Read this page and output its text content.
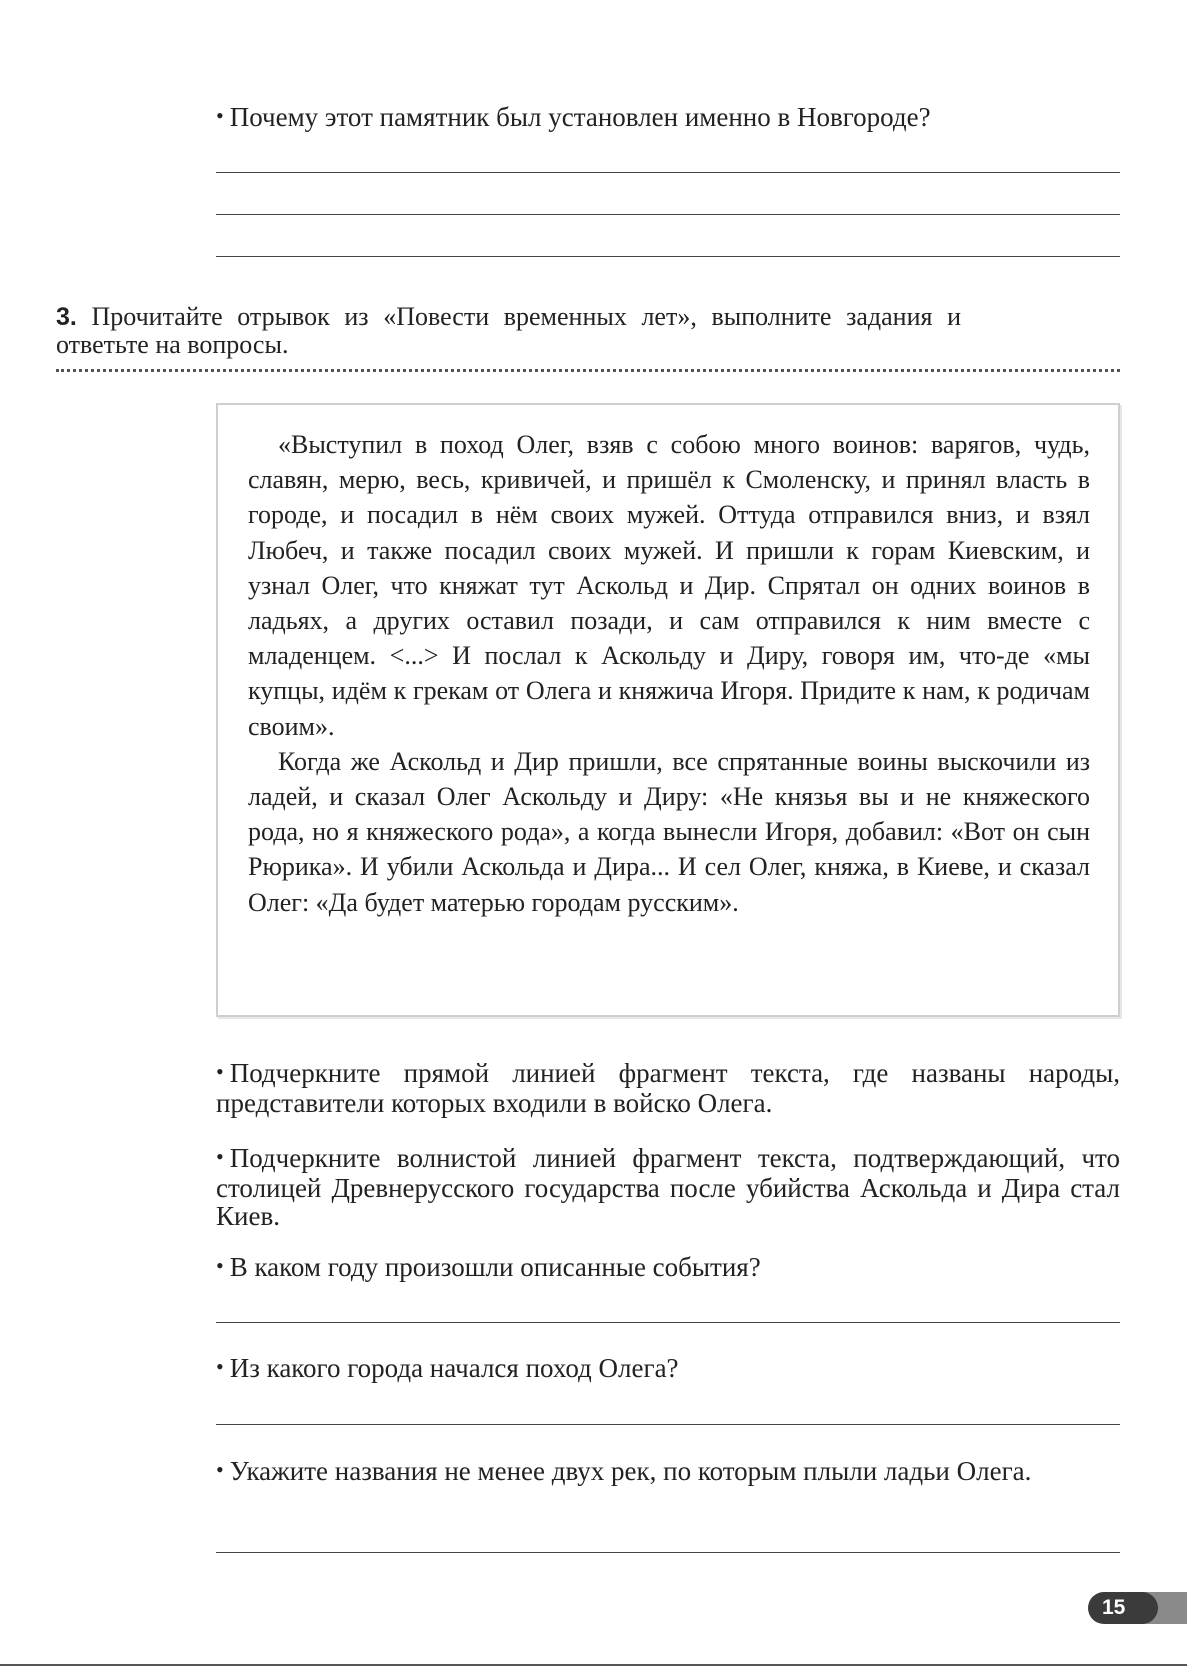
• Почему этот памятник был установлен именно в Новгороде?

3. Прочитайте отрывок из «Повести временных лет», выполните задания и ответьте на вопросы.

«Выступил в поход Олег, взяв с собою много воинов: варягов, чудь, славян, мерю, весь, кривичей, и пришёл к Смоленску, и принял власть в городе, и посадил в нём своих мужей. Оттуда отправился вниз, и взял Любеч, и также посадил своих мужей. И пришли к горам Киевским, и узнал Олег, что княжат тут Аскольд и Дир. Спрятал он одних воинов в ладьях, а других оставил позади, и сам отправился к ним вместе с младенцем. <...> И послал к Аскольду и Диру, говоря им, что-де «мы купцы, идём к грекам от Олега и княжича Игоря. Придите к нам, к родичам своим».

Когда же Аскольд и Дир пришли, все спрятанные воины выскочили из ладей, и сказал Олег Аскольду и Диру: «Не князья вы и не княжеского рода, но я княжеского рода», а когда вынесли Игоря, добавил: «Вот он сын Рюрика». И убили Аскольда и Дира... И сел Олег, княжа, в Киеве, и сказал Олег: «Да будет матерью городам русским».

• Подчеркните прямой линией фрагмент текста, где названы народы, представители которых входили в войско Олега.

• Подчеркните волнистой линией фрагмент текста, подтверждающий, что столицей Древнерусского государства после убийства Аскольда и Дира стал Киев.

• В каком году произошли описанные события?

• Из какого города начался поход Олега?

• Укажите названия не менее двух рек, по которым плыли ладьи Олега.

15
